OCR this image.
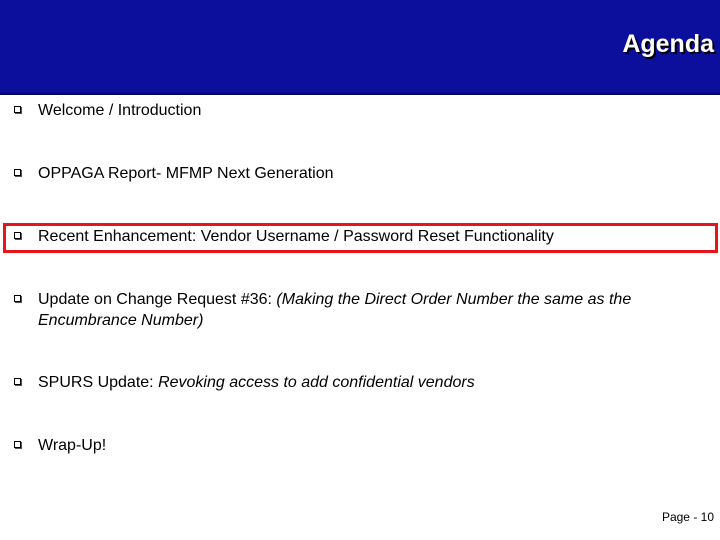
Agenda
Welcome / Introduction
OPPAGA Report- MFMP Next Generation
Recent Enhancement: Vendor Username / Password Reset Functionality
Update on Change Request #36: (Making the Direct Order Number the same as the Encumbrance Number)
SPURS Update: Revoking access to add confidential vendors
Wrap-Up!
Page - 10
